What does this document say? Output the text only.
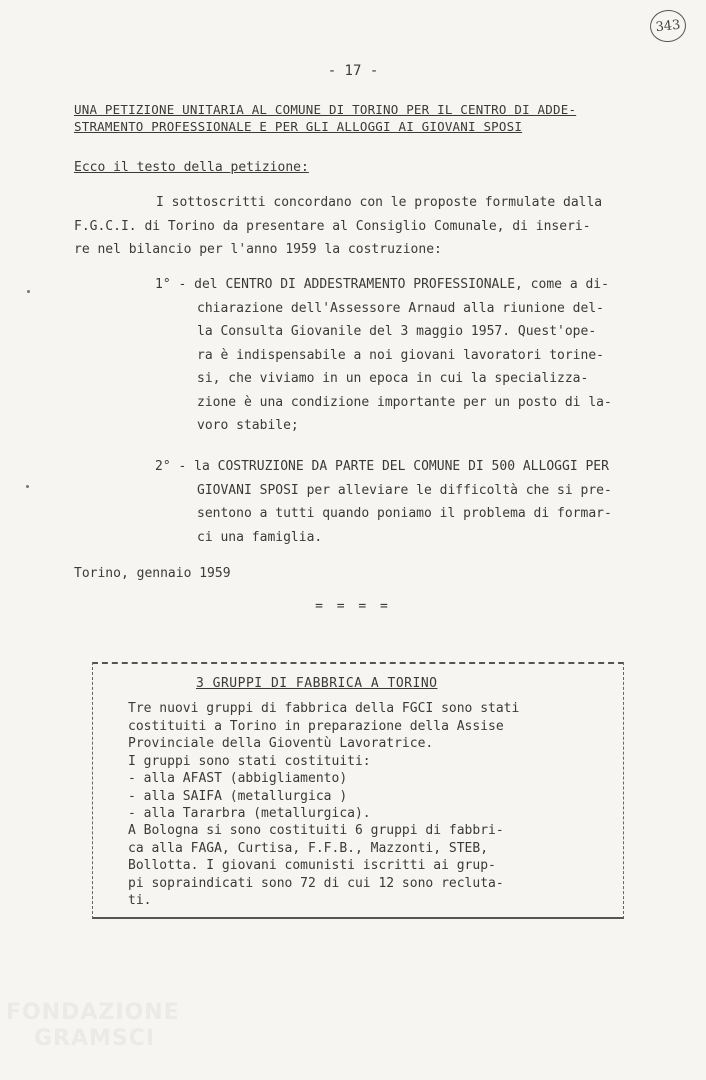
343
- 17 -
UNA PETIZIONE UNITARIA AL COMUNE DI TORINO PER IL CENTRO DI ADDE-
STRAMENTO PROFESSIONALE E PER GLI ALLOGGI AI GIOVANI SPOSI
Ecco il testo della petizione:
I sottoscritti concordano con le proposte formulate dalla
F.G.C.I. di Torino da presentare al Consiglio Comunale, di inseri-
re nel bilancio per l'anno 1959 la costruzione:
1° - del CENTRO DI ADDESTRAMENTO PROFESSIONALE, come a di-
chiarazione dell'Assessore Arnaud alla riunione del-
la Consulta Giovanile del 3 maggio 1957. Quest'ope-
ra è indispensabile a noi giovani lavoratori torine-
si, che viviamo in un epoca in cui la specializza-
zione è una condizione importante per un posto di la-
voro stabile;
2° - la COSTRUZIONE DA PARTE DEL COMUNE DI 500 ALLOGGI PER
GIOVANI SPOSI per alleviare le difficoltà che si pre-
sentono a tutti quando poniamo il problema di formar-
ci una famiglia.
Torino, gennaio 1959
= = = =
3 GRUPPI DI FABBRICA A TORINO
Tre nuovi gruppi di fabbrica della FGCI sono stati
costituiti a Torino in preparazione della Assise
Provinciale della Gioventù Lavoratrice.
I gruppi sono stati costituiti:
- alla AFAST (abbigliamento)
- alla SAIFA (metallurgica )
- alla Tararbra (metallurgica).
A Bologna si sono costituiti 6 gruppi di fabbri-
ca alla FAGA, Curtisa, F.F.B., Mazzonti, STEB,
Bollotta. I giovani comunisti iscritti ai grup-
pi sopraindicati sono 72 di cui 12 sono recluta-
ti.
FONDAZIONE
GRAMSCI
